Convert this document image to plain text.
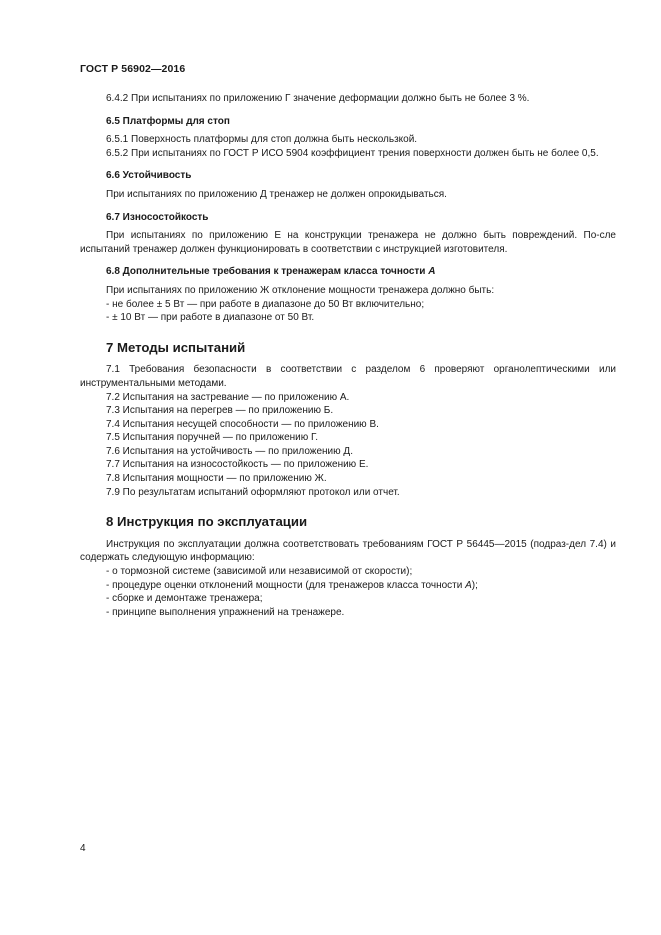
ГОСТ Р 56902—2016

6.4.2 При испытаниях по приложению Г значение деформации должно быть не более 3 %.

6.5 Платформы для стоп

6.5.1 Поверхность платформы для стоп должна быть нескользкой.

6.5.2 При испытаниях по ГОСТ Р ИСО 5904 коэффициент трения поверхности должен быть не более 0,5.

6.6 Устойчивость

При испытаниях по приложению Д тренажер не должен опрокидываться.

6.7 Износостойкость

При испытаниях по приложению Е на конструкции тренажера не должно быть повреждений. По-сле испытаний тренажер должен функционировать в соответствии с инструкцией изготовителя.

6.8 Дополнительные требования к тренажерам класса точности А

При испытаниях по приложению Ж отклонение мощности тренажера должно быть:

- не более ± 5 Вт — при работе в диапазоне до 50 Вт включительно;

- ± 10 Вт — при работе в диапазоне от 50 Вт.

7 Методы испытаний

7.1 Требования безопасности в соответствии с разделом 6 проверяют органолептическими или инструментальными методами.

7.2 Испытания на застревание — по приложению А.

7.3 Испытания на перегрев — по приложению Б.

7.4 Испытания несущей способности — по приложению В.

7.5 Испытания поручней — по приложению Г.

7.6 Испытания на устойчивость — по приложению Д.

7.7 Испытания на износостойкость — по приложению Е.

7.8 Испытания мощности — по приложению Ж.

7.9 По результатам испытаний оформляют протокол или отчет.

8 Инструкция по эксплуатации

Инструкция по эксплуатации должна соответствовать требованиям ГОСТ Р 56445—2015 (подраз-дел 7.4) и содержать следующую информацию:

- о тормозной системе (зависимой или независимой от скорости);

- процедуре оценки отклонений мощности (для тренажеров класса точности А);

- сборке и демонтаже тренажера;

- принципе выполнения упражнений на тренажере.

4
